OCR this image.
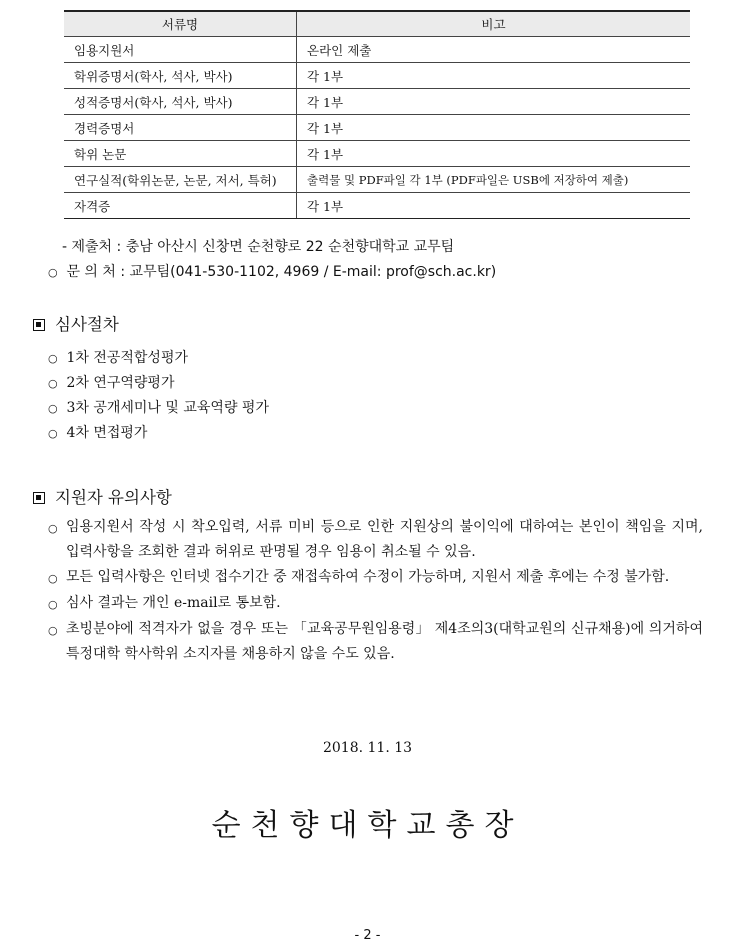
서류명	비고
임용지원서	온라인 제출
학위증명서(학사, 석사, 박사)	각 1부
성적증명서(학사, 석사, 박사)	각 1부
경력증명서	각 1부
학위 논문	각 1부
연구실적(학위논문, 논문, 저서, 특허)	출력물 및 PDF파일 각 1부 (PDF파일은 USB에 저장하여 제출)
자격증	각 1부
- 제출처 : 충남 아산시 신창면 순천향로 22 순천향대학교 교무팀
○ 문 의 처 : 교무팀(041-530-1102, 4969 / E-mail: prof@sch.ac.kr)
심사절차
○ 1차 전공적합성평가
○ 2차 연구역량평가
○ 3차 공개세미나 및 교육역량 평가
○ 4차 면접평가
지원자 유의사항
○ 임용지원서 작성 시 착오입력, 서류 미비 등으로 인한 지원상의 불이익에 대하여는 본인이 책임을 지며, 입력사항을 조회한 결과 허위로 판명될 경우 임용이 취소될 수 있음.
○ 모든 입력사항은 인터넷 접수기간 중 재접속하여 수정이 가능하며, 지원서 제출 후에는 수정 불가함.
○ 심사 결과는 개인 e-mail로 통보함.
○ 초빙분야에 적격자가 없을 경우 또는 「교육공무원임용령」 제4조의3(대학교원의 신규채용)에 의거하여 특정대학 학사학위 소지자를 채용하지 않을 수도 있음.
2018. 11. 13
순천향대학교총장
- 2 -
